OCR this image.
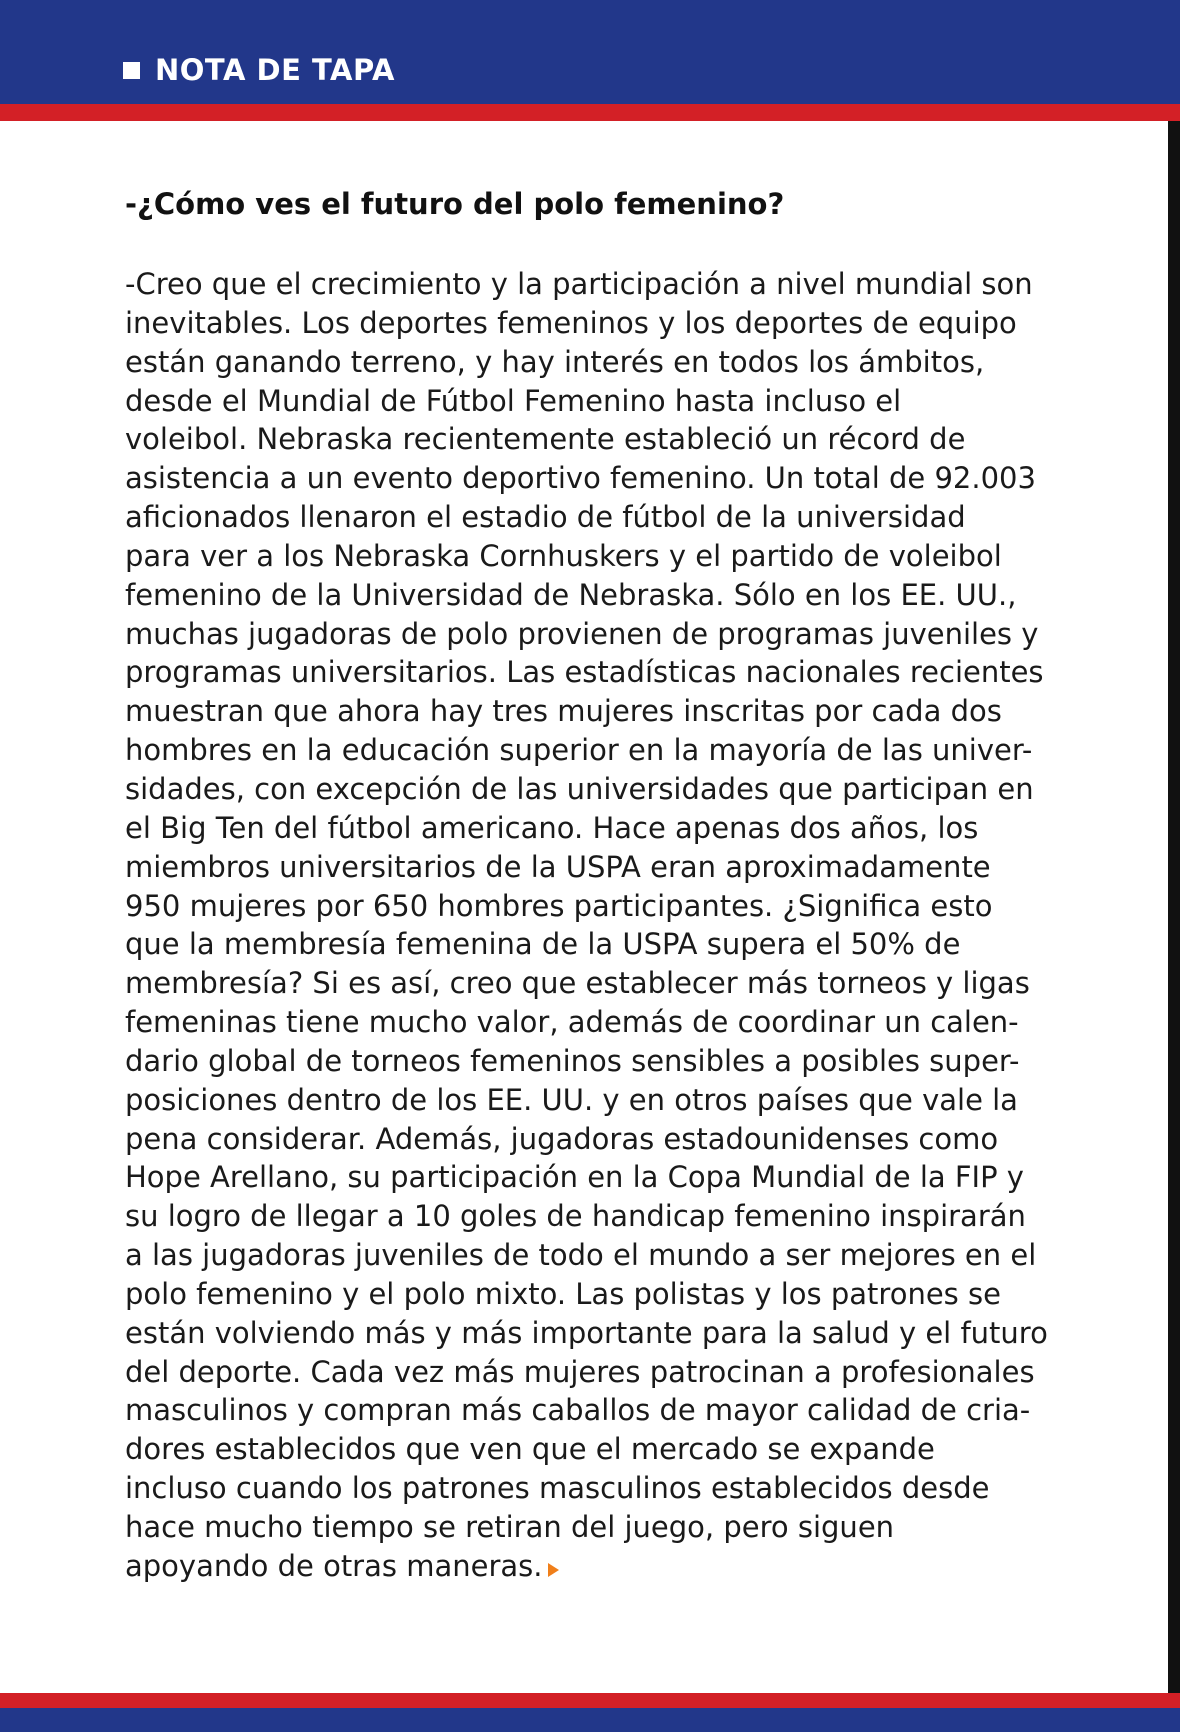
NOTA DE TAPA
-¿Cómo ves el futuro del polo femenino?

-Creo que el crecimiento y la participación a nivel mundial son
inevitables. Los deportes femeninos y los deportes de equipo
están ganando terreno, y hay interés en todos los ámbitos,
desde el Mundial de Fútbol Femenino hasta incluso el
voleibol. Nebraska recientemente estableció un récord de
asistencia a un evento deportivo femenino. Un total de 92.003
aficionados llenaron el estadio de fútbol de la universidad
para ver a los Nebraska Cornhuskers y el partido de voleibol
femenino de la Universidad de Nebraska. Sólo en los EE. UU.,
muchas jugadoras de polo provienen de programas juveniles y
programas universitarios. Las estadísticas nacionales recientes
muestran que ahora hay tres mujeres inscritas por cada dos
hombres en la educación superior en la mayoría de las univer-
sidades, con excepción de las universidades que participan en
el Big Ten del fútbol americano. Hace apenas dos años, los
miembros universitarios de la USPA eran aproximadamente
950 mujeres por 650 hombres participantes. ¿Significa esto
que la membresía femenina de la USPA supera el 50% de
membresía? Si es así, creo que establecer más torneos y ligas
femeninas tiene mucho valor, además de coordinar un calen-
dario global de torneos femeninos sensibles a posibles super-
posiciones dentro de los EE. UU. y en otros países que vale la
pena considerar. Además, jugadoras estadounidenses como
Hope Arellano, su participación en la Copa Mundial de la FIP y
su logro de llegar a 10 goles de handicap femenino inspirarán
a las jugadoras juveniles de todo el mundo a ser mejores en el
polo femenino y el polo mixto. Las polistas y los patrones se
están volviendo más y más importante para la salud y el futuro
del deporte. Cada vez más mujeres patrocinan a profesionales
masculinos y compran más caballos de mayor calidad de cria-
dores establecidos que ven que el mercado se expande
incluso cuando los patrones masculinos establecidos desde
hace mucho tiempo se retiran del juego, pero siguen
apoyando de otras maneras.
